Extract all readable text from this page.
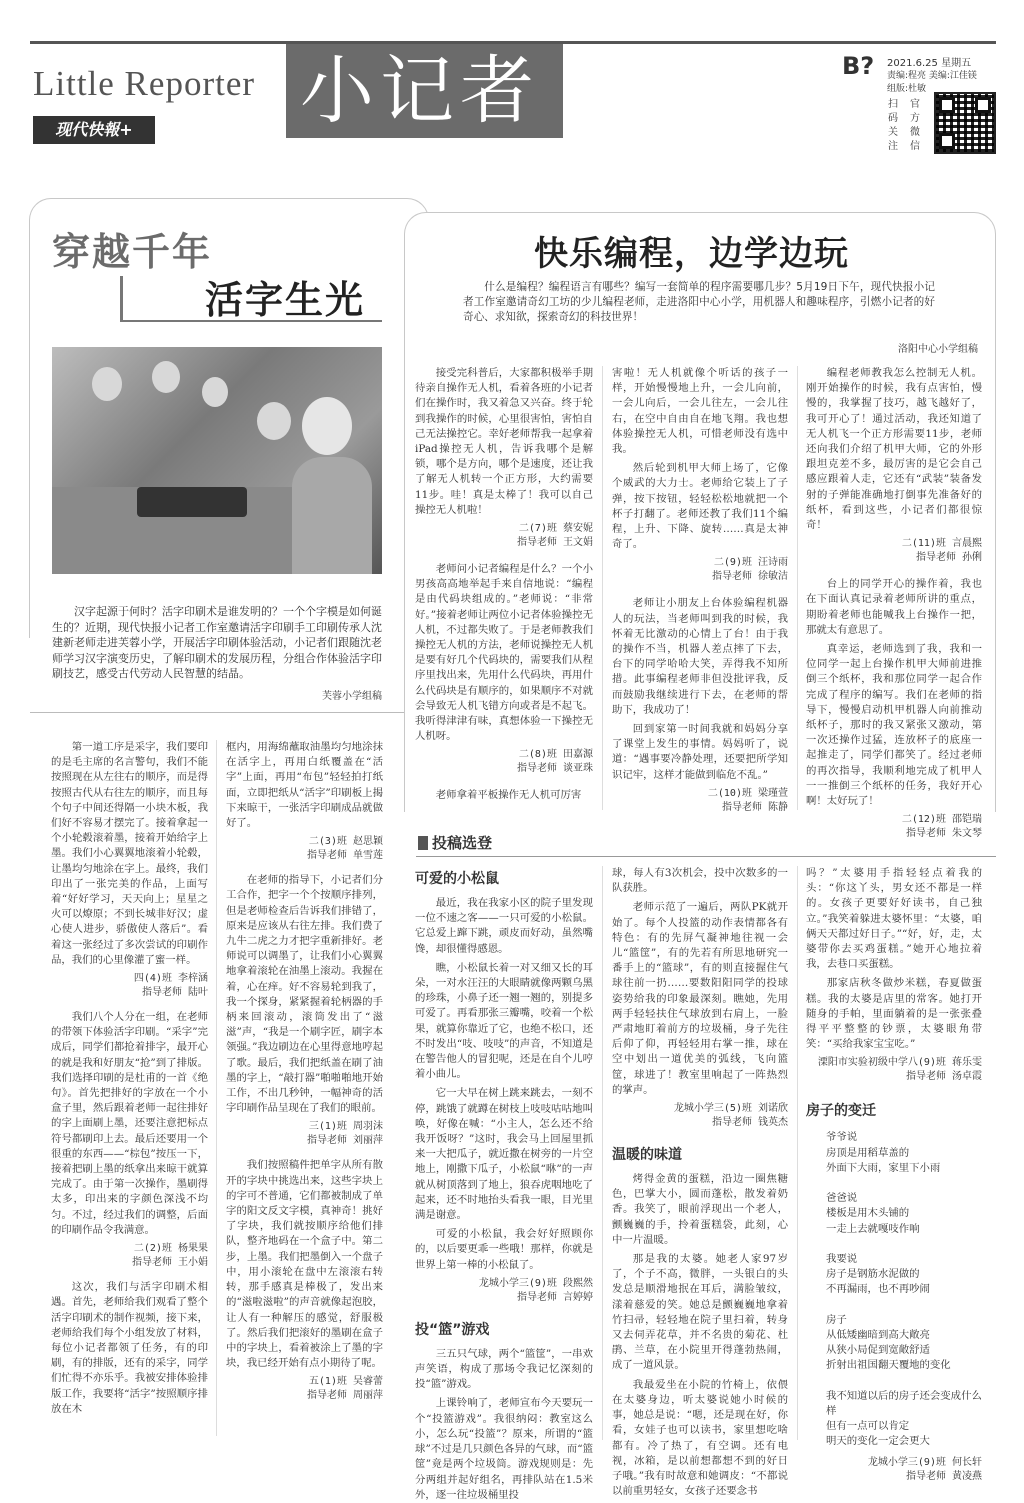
Little Reporter
现代快報+	小记者	B? 2021.6.25 星期五
责编:程亮 美编:江佳镁
组版:杜敏
扫码关注
官方微信
穿越千年
活字生光
汉字起源于何时？活字印刷术是谁发明的？一个个字模是如何诞生的？近期，现代快报小记者工作室邀请活字印刷手工印刷传承人沈建新老师走进芙蓉小学，开展活字印刷体验活动，小记者们跟随沈老师学习汉字演变历史，了解印刷术的发展历程，分组合作体验活字印刷技艺，感受古代劳动人民智慧的结晶。
芙蓉小学组稿

第一道工序是采字，我们要印的是毛主席的名言警句，我们不能按照现在从左往右的顺序，而是得按照古代从右往左的顺序，而且每个句子中间还得隔一小块木板，我们好不容易才摆完了。接着拿起一个小轮毂滚着墨，接着开始给字上墨。我们小心翼翼地滚着小轮毂，让墨均匀地涂在字上。最终，我们印出了一张完美的作品，上面写着“好好学习，天天向上；星星之火可以燎原；不到长城非好汉；虚心使人进步，骄傲使人落后”。看着这一张经过了多次尝试的印刷作品，我们的心里像灌了蜜一样。

四(4)班 李梓涵
指导老师 陆叶

我们八个人分在一组，在老师的带领下体验活字印刷。“采字”完成后，同学们都抢着排字，最开心的就是我和好朋友“抢”到了排版。我们选择印刷的是杜甫的一首《绝句》。首先把排好的字放在一个小盒子里，然后跟着老师一起往排好的字上面刷上墨，还要注意把标点符号都刷印上去。最后还要用一个很重的东西——“棕包”按压一下，接着把刷上墨的纸拿出来晾干就算完成了。由于第一次操作，墨刷得太多，印出来的字颜色深浅不均匀。不过，经过我们的调整，后面的印刷作品令我满意。

二(2)班 杨果果
指导老师 王小娟

这次，我们与活字印刷术相遇。首先，老师给我们观看了整个活字印刷术的制作视频，接下来，老师给我们每个小组发放了材料，每位小记者都领了任务，有的印刷，有的排版，还有的采字，同学们忙得不亦乐乎。我被安排体验排版工作，我要将“活字”按照顺序排放在木

框内，用海绵蘸取油墨均匀地涂抹在活字上，再用白纸覆盖在“活字”上面，再用“布包”轻轻拍打纸面，立即把纸从“活字”印刷板上揭下来晾干，一张活字印刷成品就做好了。

二(3)班 赵思颖
指导老师 单雪莲

在老师的指导下，小记者们分工合作，把字一个个按顺序排列，但是老师检查后告诉我们排错了，原来是应该从右往左排。我们费了九牛二虎之力才把字重新排好。老师说可以调墨了，让我们小心翼翼地拿着滚轮在油墨上滚动。我握在着，心在痒。好不容易轮到我了，我一个探身，紧紧握着轮柄器的手柄来回滚动，滚筒发出了“滋滋”声，“我是一个刷字匠，刷字本领强。”我边刷边在心里得意地哼起了歌。最后，我们把纸盖在刷了油墨的字上，“敲打器”啪啪啪地开始工作，不出几秒钟，一幅神奇的活字印刷作品呈现在了我们的眼前。

三(1)班 周羽沫
指导老师 刘丽萍

我们按照稿件把单字从所有散开的字块中挑选出来，这些字块上的字可不普通，它们都被制成了单字的阳文反文字模，真神奇！挑好了字块，我们就按顺序给他们排队，整齐地码在一个盒子中。第二步，上墨。我们把墨倒入一个盘子中，用小滚轮在盘中左滚滚右转转，那手感真是棒极了，发出来的“滋啦滋啦”的声音就像起泡胶，让人有一种解压的感觉，舒服极了。然后我们把滚好的墨刷在盒子中的字块上，看着被涂上了墨的字块，我已经开始有点小期待了呢。

五(1)班 吴睿蕾
指导老师 周丽萍
快乐编程，边学边玩
什么是编程？编程语言有哪些？编写一套简单的程序需要哪几步？5月19日下午，现代快报小记者工作室邀请奇幻工坊的少儿编程老师，走进洛阳中心小学，用机器人和趣味程序，引燃小记者的好奇心、求知欲，探索奇幻的科技世界！
洛阳中心小学组稿

接受完科普后，大家都积极举手期待亲自操作无人机，看着各班的小记者们在操作时，我又着急又兴奋。终于轮到我操作的时候，心里很害怕，害怕自己无法操控它。幸好老师帮我一起拿着iPad操控无人机，告诉我哪个是解锁，哪个是方向，哪个是速度，还让我了解无人机转一个正方形，大约需要11步。哇！真是太棒了！我可以自己操控无人机啦！

二(7)班 蔡安妮
指导老师 王文娟

老师问小记者编程是什么？一个小男孩高高地举起手来自信地说：“编程是由代码块组成的。”老师说：“非常好。”接着老师让两位小记者体验操控无人机，不过都失败了。于是老师教我们操控无人机的方法，老师说操控无人机是要有好几个代码块的，需要我们从程序里找出来，先用什么代码块，再用什么代码块是有顺序的，如果顺序不对就会导致无人机飞错方向或者是不起飞。我听得津津有味，真想体验一下操控无人机呀。

二(8)班 田嘉源
指导老师 谈亚珠

老师拿着平板操作无人机可厉害

害啦！无人机就像个听话的孩子一样，开始慢慢地上升，一会儿向前，一会儿向后，一会儿往左，一会儿往右，在空中自由自在地飞翔。我也想体验操控无人机，可惜老师没有选中我。

然后轮到机甲大师上场了，它像个威武的大力士。老师给它装上了子弹，按下按钮，轻轻松松地就把一个杯子打翻了。老师还教了我们11个编程，上升、下降、旋转……真是太神奇了。

二(9)班 汪诗雨
指导老师 徐敏洁

老师让小朋友上台体验编程机器人的玩法，当老师叫到我的时候，我怀着无比激动的心情上了台！由于我的操作不当，机器人差点摔了下去，台下的同学哈哈大笑，弄得我不知所措。此事编程老师非但没批评我，反而鼓励我继续进行下去，在老师的帮助下，我成功了！

回到家第一时间我就和妈妈分享了课堂上发生的事情。妈妈听了，说道：“遇事要冷静处理，还要把所学知识记牢，这样才能做到临危不乱。”

二(10)班 梁瑾萱
指导老师 陈静

编程老师教我怎么控制无人机。刚开始操作的时候，我有点害怕，慢慢的，我掌握了技巧，越飞越好了，我可开心了！通过活动，我还知道了无人机飞一个正方形需要11步，老师还向我们介绍了机甲大师，它的外形跟坦克差不多，最厉害的是它会自己感应跟着人走，它还有“武装”装备发射的子弹能准确地打倒事先准备好的纸杯，看到这些，小记者们都很惊奇！

二(11)班 言晨熙
指导老师 孙俐

台上的同学开心的操作着，我也在下面认真记录着老师所讲的重点，期盼着老师也能喊我上台操作一把，那就太有意思了。

真幸运，老师选到了我，我和一位同学一起上台操作机甲大师前进推倒三个纸杯，我和那位同学一起合作完成了程序的编写。我们在老师的指导下，慢慢启动机甲机器人向前推动纸杯子，那时的我又紧张又激动，第一次还操作过猛，连放杯子的底座一起推走了，同学们都笑了。经过老师的再次指导，我顺利地完成了机甲人一一推倒三个纸杯的任务，我好开心啊！太好玩了！

二(12)班 邵铠瑞
指导老师 朱文琴
投稿选登
可爱的小松鼠

最近，我在我家小区的院子里发现一位不速之客——一只可爱的小松鼠。它总爱上蹿下跳，顽皮而好动，虽然嘴馋，却很懂得感恩。

瞧，小松鼠长着一对又细又长的耳朵，一对水汪汪的大眼睛就像两颗乌黑的珍珠，小鼻子还一翘一翘的，别提多可爱了。再看那张三瓣嘴，咬着一个松果，就算你靠近了它，也绝不松口，还不时发出“吱、吱吱”的声音，不知道是在警告他人的冒犯呢，还是在自个儿哼着小曲儿。

它一大早在树上跳来跳去，一刻不停，跳饿了就蹲在树枝上吱吱咕咕地叫唤，好像在喊：“小主人，怎么还不给我开饭呀？”这时，我会马上回屋里抓来一大把瓜子，就近撒在树旁的一片空地上，刚撒下瓜子，小松鼠“咻”的一声就从树顶落到了地上，狼吞虎咽地吃了起来，还不时地抬头看我一眼，目光里满是谢意。

可爱的小松鼠，我会好好照顾你的，以后要更乖一些哦！那样，你就是世界上第一棒的小松鼠了。

龙城小学三(9)班 段熙然
指导老师 言婷婷
投“篮”游戏

三五只气球，两个“篮筐”，一串欢声笑语，构成了那场令我记忆深刻的投“篮”游戏。

上课铃响了，老师宣布今天要玩一个“投篮游戏”。我很纳闷：教室这么小，怎么玩“投篮”？原来，所谓的“篮球”不过是几只颜色各异的气球，而“篮筐”竟是两个垃圾筒。游戏规则是：先分两组并起好组名，再排队站在1.5米外，逐一往垃圾桶里投

球，每人有3次机会，投中次数多的一队获胜。

老师示范了一遍后，两队PK就开始了。每个人投篮的动作表情都各有特色：有的先屏气凝神地往视一会儿“篮筐”，有的先若有所思地研究一番手上的“篮球”，有的则直接握住气球往前一扔……要数阳阳同学的投球姿势给我的印象最深刻。瞧她，先用两手轻轻扶住气球放到右肩上，一脸严肃地盯着前方的垃圾桶，身子先往后仰了仰，再轻轻用右掌一推，球在空中划出一道优美的弧线，飞向篮筐，球进了！教室里响起了一阵热烈的掌声。

龙城小学三(5)班 刘诺欣
指导老师 钱英杰
温暖的味道

烤得金黄的蛋糕，沿边一圈焦糖色，巴掌大小，圆而蓬松，散发着奶香。我笑了，眼前浮现出一个老人，颤巍巍的手，拎着蛋糕袋，此刻，心中一片温暖。

那是我的太婆。她老人家97岁了，个子不高，微胖，一头银白的头发总是顺滑地抿在耳后，满脸皱纹，漾着慈爱的笑。她总是颤巍巍地拿着竹扫帚，轻轻地在院子里扫着，转身又去伺弄花草，并不名贵的菊花、杜鹃、兰草，在小院里开得蓬勃热闹，成了一道风景。

我最爱坐在小院的竹椅上，依偎在太婆身边，听太婆说她小时候的事，她总是说：“嗯，还是现在好，你看，女娃子也可以读书，家里想吃啥都有。冷了热了，有空调。还有电视，冰箱，是以前想都想不到的好日子哦。”我有时故意和她调皮：“不都说以前重男轻女，女孩子还要念书

吗？”太婆用手指轻轻点着我的头：“你这丫头，男女还不都是一样的。女孩子更要好好读书，自己独立。”我笑着躲进太婆怀里：“太婆，咱俩天天都过好日子。”“好，好，走，太婆带你去买鸡蛋糕。”她开心地拉着我，去巷口买蛋糕。

那家店秋冬做炒米糕，春夏做蛋糕。我的太婆是店里的常客。她打开随身的手帕，里面躺着的是一张张叠得平平整整的钞票，太婆眼角带笑：“买给我家宝宝吃。”

溧阳市实验初级中学八(9)班 蒋乐雯
指导老师 汤卓霞
房子的变迁
爷爷说
房顶是用稻草盖的
外面下大雨，家里下小雨
爸爸说
楼板是用木头铺的
一走上去就嘎吱作响
我要说
房子是钢筋水泥做的
不再漏雨，也不再吵闹
房子
从低矮幽暗到高大敞亮
从狭小局促到宽敞舒适
折射出祖国翻天覆地的变化
我不知道以后的房子还会变成什么样
但有一点可以肯定
明天的变化一定会更大
龙城小学三(9)班 何长轩
指导老师 黄凌燕
